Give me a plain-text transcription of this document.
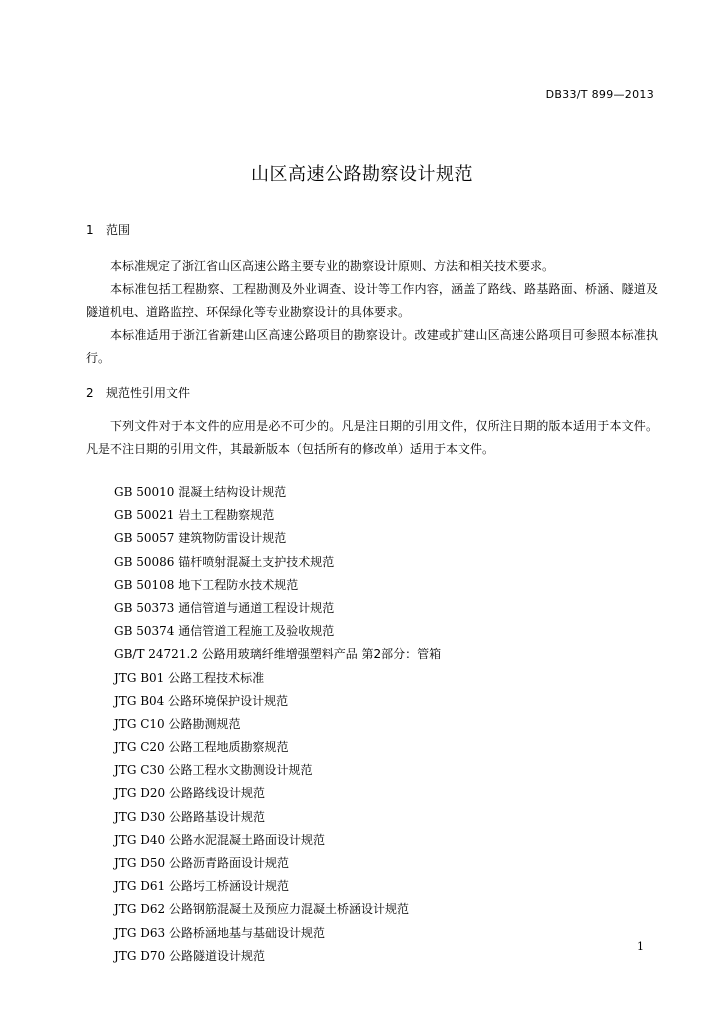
DB33/T 899—2013
山区高速公路勘察设计规范
1 范围
本标准规定了浙江省山区高速公路主要专业的勘察设计原则、方法和相关技术要求。
本标准包括工程勘察、工程勘测及外业调查、设计等工作内容，涵盖了路线、路基路面、桥涵、隧道及隧道机电、道路监控、环保绿化等专业勘察设计的具体要求。
本标准适用于浙江省新建山区高速公路项目的勘察设计。改建或扩建山区高速公路项目可参照本标准执行。
2 规范性引用文件
下列文件对于本文件的应用是必不可少的。凡是注日期的引用文件，仅所注日期的版本适用于本文件。凡是不注日期的引用文件，其最新版本（包括所有的修改单）适用于本文件。
GB 50010 混凝土结构设计规范
GB 50021 岩土工程勘察规范
GB 50057 建筑物防雷设计规范
GB 50086 锚杆喷射混凝土支护技术规范
GB 50108 地下工程防水技术规范
GB 50373 通信管道与通道工程设计规范
GB 50374 通信管道工程施工及验收规范
GB/T 24721.2 公路用玻璃纤维增强塑料产品 第2部分：管箱
JTG B01 公路工程技术标准
JTG B04 公路环境保护设计规范
JTG C10 公路勘测规范
JTG C20 公路工程地质勘察规范
JTG C30 公路工程水文勘测设计规范
JTG D20 公路路线设计规范
JTG D30 公路路基设计规范
JTG D40 公路水泥混凝土路面设计规范
JTG D50 公路沥青路面设计规范
JTG D61 公路圬工桥涵设计规范
JTG D62 公路钢筋混凝土及预应力混凝土桥涵设计规范
JTG D63 公路桥涵地基与基础设计规范
JTG D70 公路隧道设计规范
1
